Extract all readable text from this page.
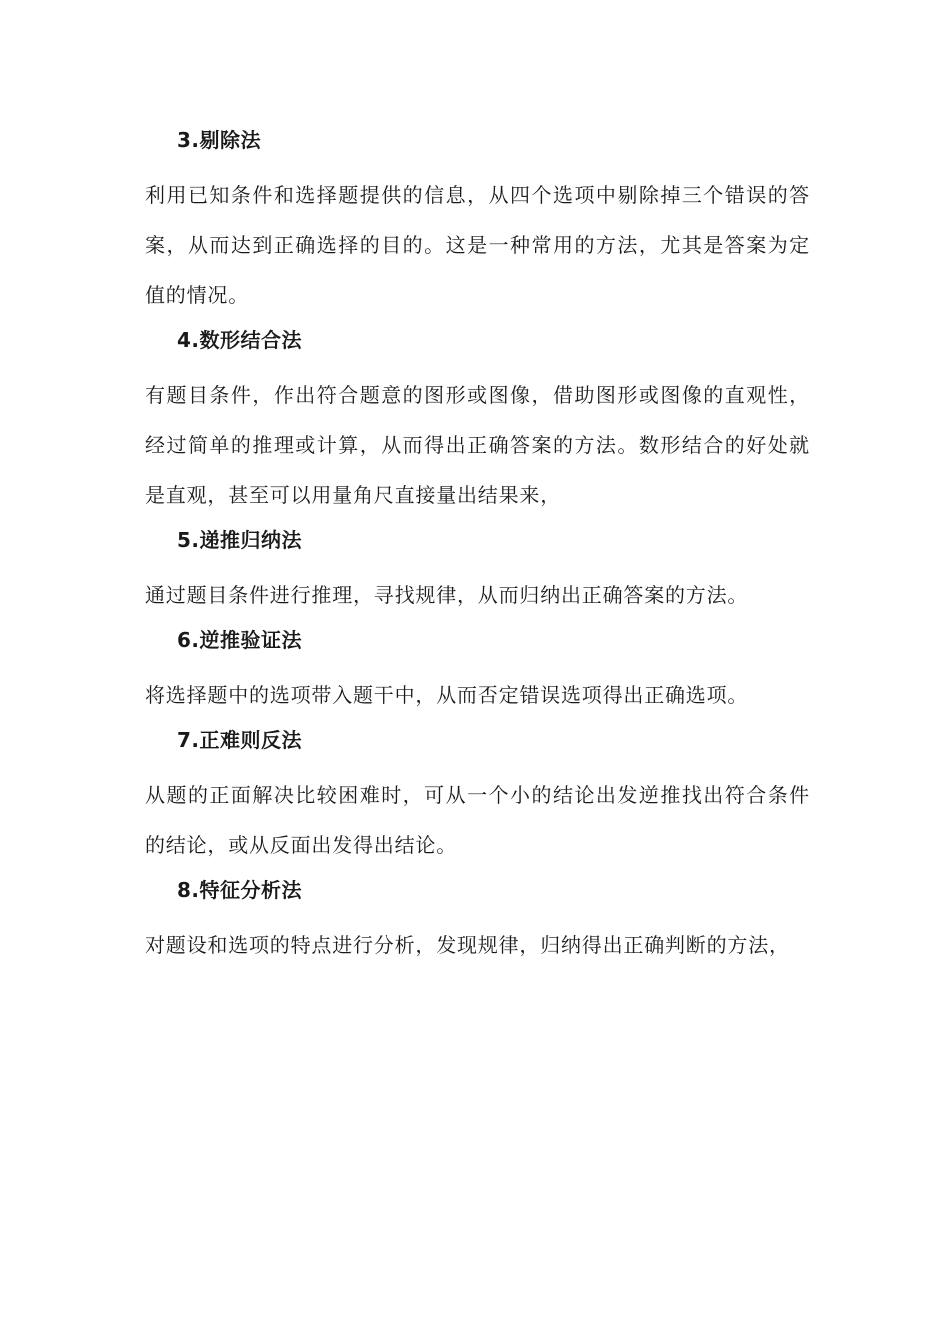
3.剔除法

利用已知条件和选择题提供的信息，从四个选项中剔除掉三个错误的答案，从而达到正确选择的目的。这是一种常用的方法，尤其是答案为定值的情况。

4.数形结合法

有题目条件，作出符合题意的图形或图像，借助图形或图像的直观性，经过简单的推理或计算，从而得出正确答案的方法。数形结合的好处就是直观，甚至可以用量角尺直接量出结果来，

5.递推归纳法

通过题目条件进行推理，寻找规律，从而归纳出正确答案的方法。

6.逆推验证法

将选择题中的选项带入题干中，从而否定错误选项得出正确选项。

7.正难则反法

从题的正面解决比较困难时，可从一个小的结论出发逆推找出符合条件的结论，或从反面出发得出结论。

8.特征分析法

对题设和选项的特点进行分析，发现规律，归纳得出正确判断的方法，
